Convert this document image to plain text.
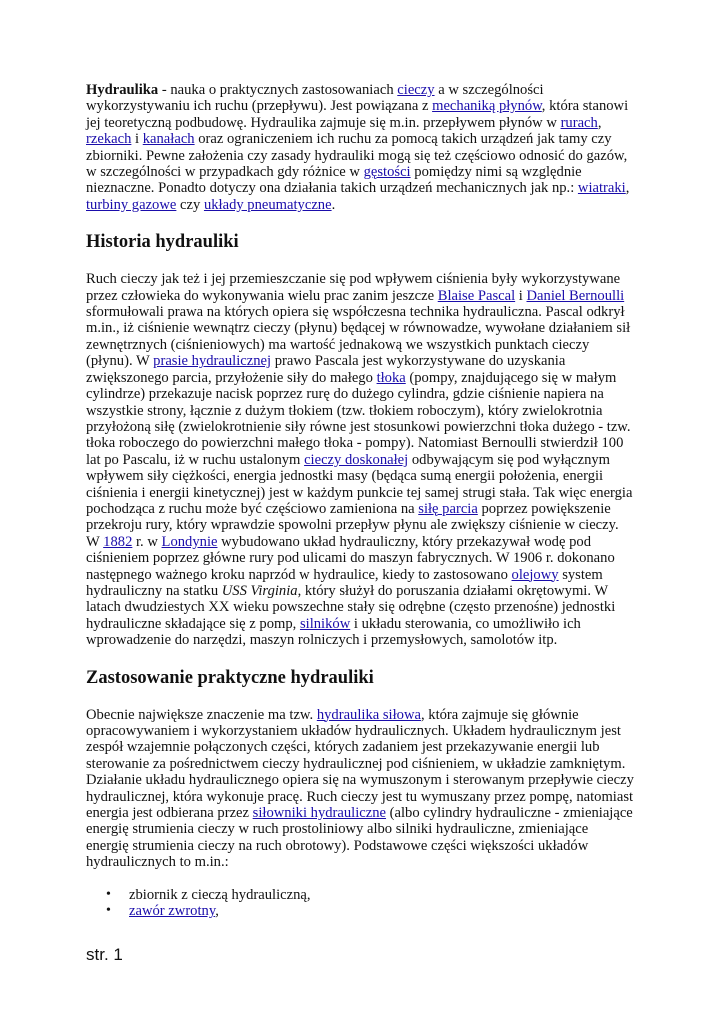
Hydraulika - nauka o praktycznych zastosowaniach cieczy a w szczególności wykorzystywaniu ich ruchu (przepływu). Jest powiązana z mechaniką płynów, która stanowi jej teoretyczną podbudowę. Hydraulika zajmuje się m.in. przepływem płynów w rurach, rzekach i kanałach oraz ograniczeniem ich ruchu za pomocą takich urządzeń jak tamy czy zbiorniki. Pewne założenia czy zasady hydrauliki mogą się też częściowo odnosić do gazów, w szczególności w przypadkach gdy różnice w gęstości pomiędzy nimi są względnie nieznaczne. Ponadto dotyczy ona działania takich urządzeń mechanicznych jak np.: wiatraki, turbiny gazowe czy układy pneumatyczne.

Historia hydrauliki

Ruch cieczy jak też i jej przemieszczanie się pod wpływem ciśnienia były wykorzystywane przez człowieka do wykonywania wielu prac zanim jeszcze Blaise Pascal i Daniel Bernoulli sformułowali prawa na których opiera się współczesna technika hydrauliczna. Pascal odkrył m.in., iż ciśnienie wewnątrz cieczy (płynu) będącej w równowadze, wywołane działaniem sił zewnętrznych (ciśnieniowych) ma wartość jednakową we wszystkich punktach cieczy (płynu). W prasie hydraulicznej prawo Pascala jest wykorzystywane do uzyskania zwiększonego parcia, przyłożenie siły do małego tłoka (pompy, znajdującego się w małym cylindrze) przekazuje nacisk poprzez rurę do dużego cylindra, gdzie ciśnienie napiera na wszystkie strony, łącznie z dużym tłokiem (tzw. tłokiem roboczym), który zwielokrotnia przyłożoną siłę (zwielokrotnienie siły równe jest stosunkowi powierzchni tłoka dużego - tzw. tłoka roboczego do powierzchni małego tłoka - pompy). Natomiast Bernoulli stwierdził 100 lat po Pascalu, iż w ruchu ustalonym cieczy doskonałej odbywającym się pod wyłącznym wpływem siły ciężkości, energia jednostki masy (będąca sumą energii położenia, energii ciśnienia i energii kinetycznej) jest w każdym punkcie tej samej strugi stała. Tak więc energia pochodząca z ruchu może być częściowo zamieniona na siłę parcia poprzez powiększenie przekroju rury, który wprawdzie spowolni przepływ płynu ale zwiększy ciśnienie w cieczy. W 1882 r. w Londynie wybudowano układ hydrauliczny, który przekazywał wodę pod ciśnieniem poprzez główne rury pod ulicami do maszyn fabrycznych. W 1906 r. dokonano następnego ważnego kroku naprzód w hydraulice, kiedy to zastosowano olejowy system hydrauliczny na statku USS Virginia, który służył do poruszania działami okrętowymi. W latach dwudziestych XX wieku powszechne stały się odrębne (często przenośne) jednostki hydrauliczne składające się z pomp, silników i układu sterowania, co umożliwiło ich wprowadzenie do narzędzi, maszyn rolniczych i przemysłowych, samolotów itp.

Zastosowanie praktyczne hydrauliki

Obecnie największe znaczenie ma tzw. hydraulika siłowa, która zajmuje się głównie opracowywaniem i wykorzystaniem układów hydraulicznych. Układem hydraulicznym jest zespół wzajemnie połączonych części, których zadaniem jest przekazywanie energii lub sterowanie za pośrednictwem cieczy hydraulicznej pod ciśnieniem, w układzie zamkniętym. Działanie układu hydraulicznego opiera się na wymuszonym i sterowanym przepływie cieczy hydraulicznej, która wykonuje pracę. Ruch cieczy jest tu wymuszany przez pompę, natomiast energia jest odbierana przez siłowniki hydrauliczne (albo cylindry hydrauliczne - zmieniające energię strumienia cieczy w ruch prostoliniowy albo silniki hydrauliczne, zmieniające energię strumienia cieczy na ruch obrotowy). Podstawowe części większości układów hydraulicznych to m.in.:

• zbiornik z cieczą hydrauliczną,
• zawór zwrotny,
str. 1
